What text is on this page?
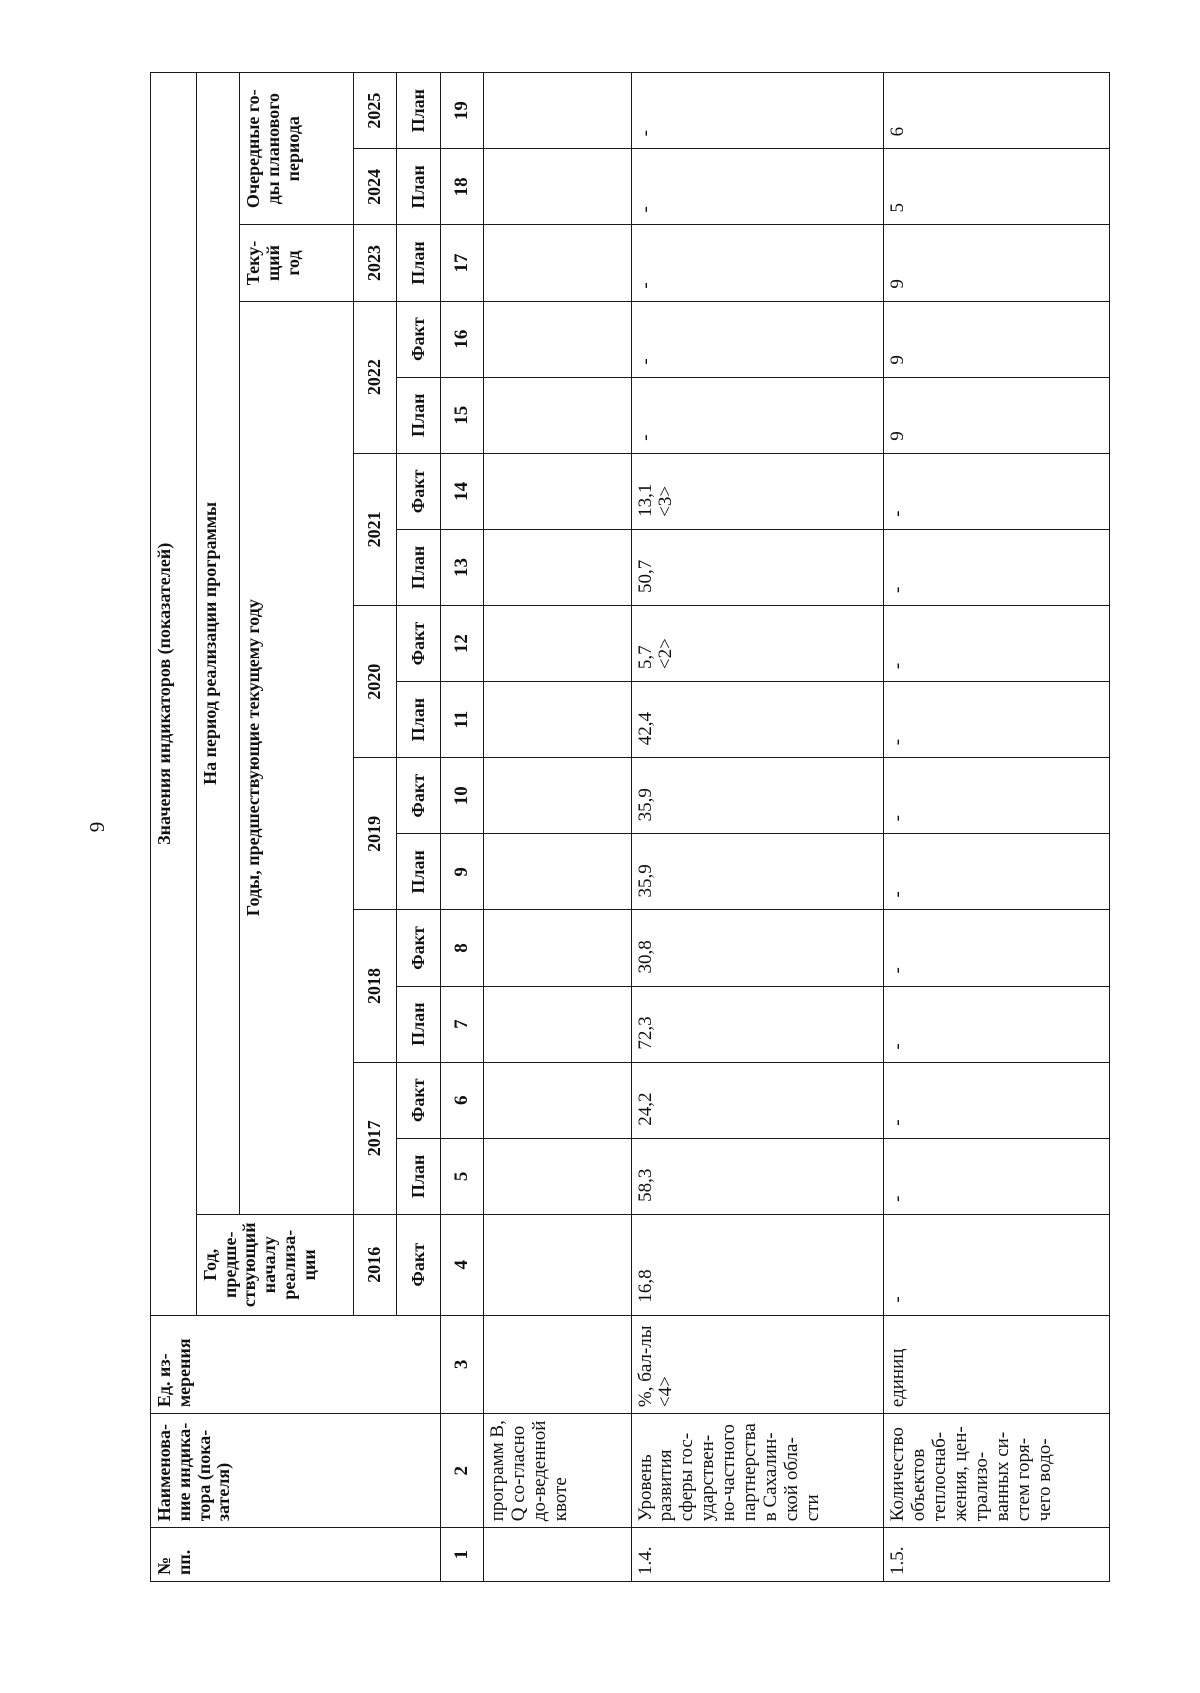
9
№ пп.	Наименова-ние индика-тора (пока-зателя)	Ед. из-мерения	Значения индикаторов (показателей)															
			Год, предше-ствующий началу реализа-ции	На период реализации программы														
				Годы, предшествующие текущему году												Теку-щий год	Очередные го-ды планового периода	
			2016	2017		2018		2019		2020		2021		2022		2023	2024	2025
			Факт	План	Факт	План	Факт	План	Факт	План	Факт	План	Факт	План	Факт	План	План	План
1	2	3	4	5	6	7	8	9	10	11	12	13	14	15	16	17	18	19
	программ В, Q со-гласно до-веденной квоте																	
1.4.	Уровень развития сферы гос-ударствен-но-частного партнерства в Сахалин-ской обла-сти	%, бал-лы <4>	16,8	58,3	24,2	72,3	30,8	35,9	35,9	42,4	5,7 <2>	50,7	13,1 <3>	-	-	-	-	-
1.5.	Количество объектов теплоснаб-жения, цен-трализо-ванных си-стем горя-чего водо-	единиц	-	-	-	-	-	-	-	-	-	-	-	9	9	9	5	6
